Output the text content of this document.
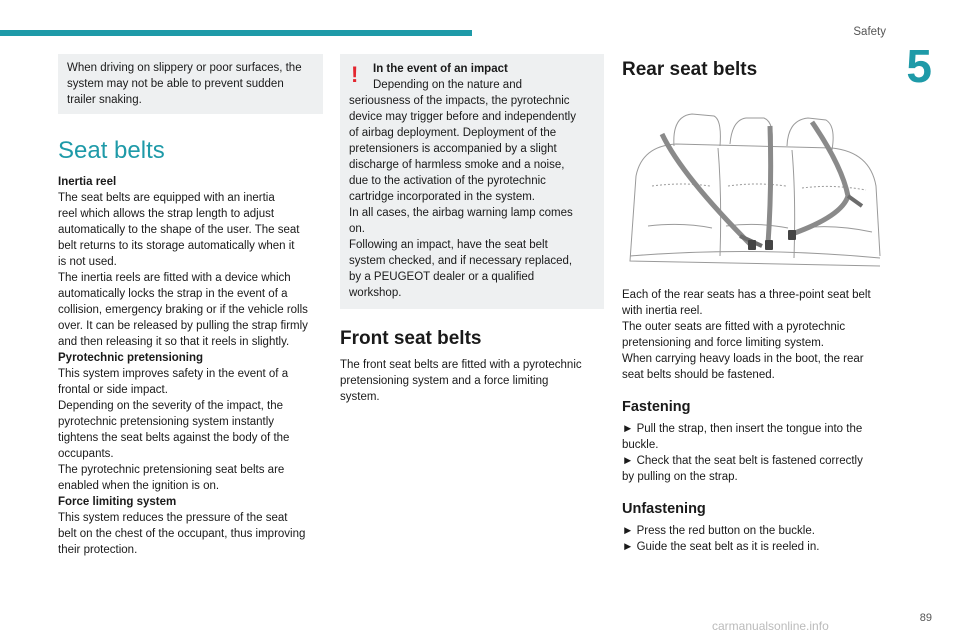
Safety
5

When driving on slippery or poor surfaces, the system may not be able to prevent sudden trailer snaking.

Seat belts

Inertia reel

The seat belts are equipped with an inertia

reel which allows the strap length to adjust

automatically to the shape of the user. The seat

belt returns to its storage automatically when it

is not used.

The inertia reels are fitted with a device which

automatically locks the strap in the event of a

collision, emergency braking or if the vehicle rolls

over. It can be released by pulling the strap firmly

and then releasing it so that it reels in slightly.

Pyrotechnic pretensioning

This system improves safety in the event of a

frontal or side impact.

Depending on the severity of the impact, the

pyrotechnic pretensioning system instantly

tightens the seat belts against the body of the

occupants.

The pyrotechnic pretensioning seat belts are

enabled when the ignition is on.

Force limiting system

This system reduces the pressure of the seat

belt on the chest of the occupant, thus improving

their protection.

!	In the event of an impact

Depending on the nature and

seriousness of the impacts, the pyrotechnic

device may trigger before and independently

of airbag deployment. Deployment of the

pretensioners is accompanied by a slight

discharge of harmless smoke and a noise,

due to the activation of the pyrotechnic

cartridge incorporated in the system.

In all cases, the airbag warning lamp comes

on.

Following an impact, have the seat belt

system checked, and if necessary replaced,

by a PEUGEOT dealer or a qualified

workshop.

Front seat belts

The front seat belts are fitted with a pyrotechnic

pretensioning system and a force limiting

system.

Rear seat belts

Each of the rear seats has a three-point seat belt

with inertia reel.

The outer seats are fitted with a pyrotechnic

pretensioning and force limiting system.

When carrying heavy loads in the boot, the rear

seat belts should be fastened.

Fastening

► Pull the strap, then insert the tongue into the

buckle.

► Check that the seat belt is fastened correctly

by pulling on the strap.

Unfastening

► Press the red button on the buckle.

► Guide the seat belt as it is reeled in.

carmanualsonline.info
89
